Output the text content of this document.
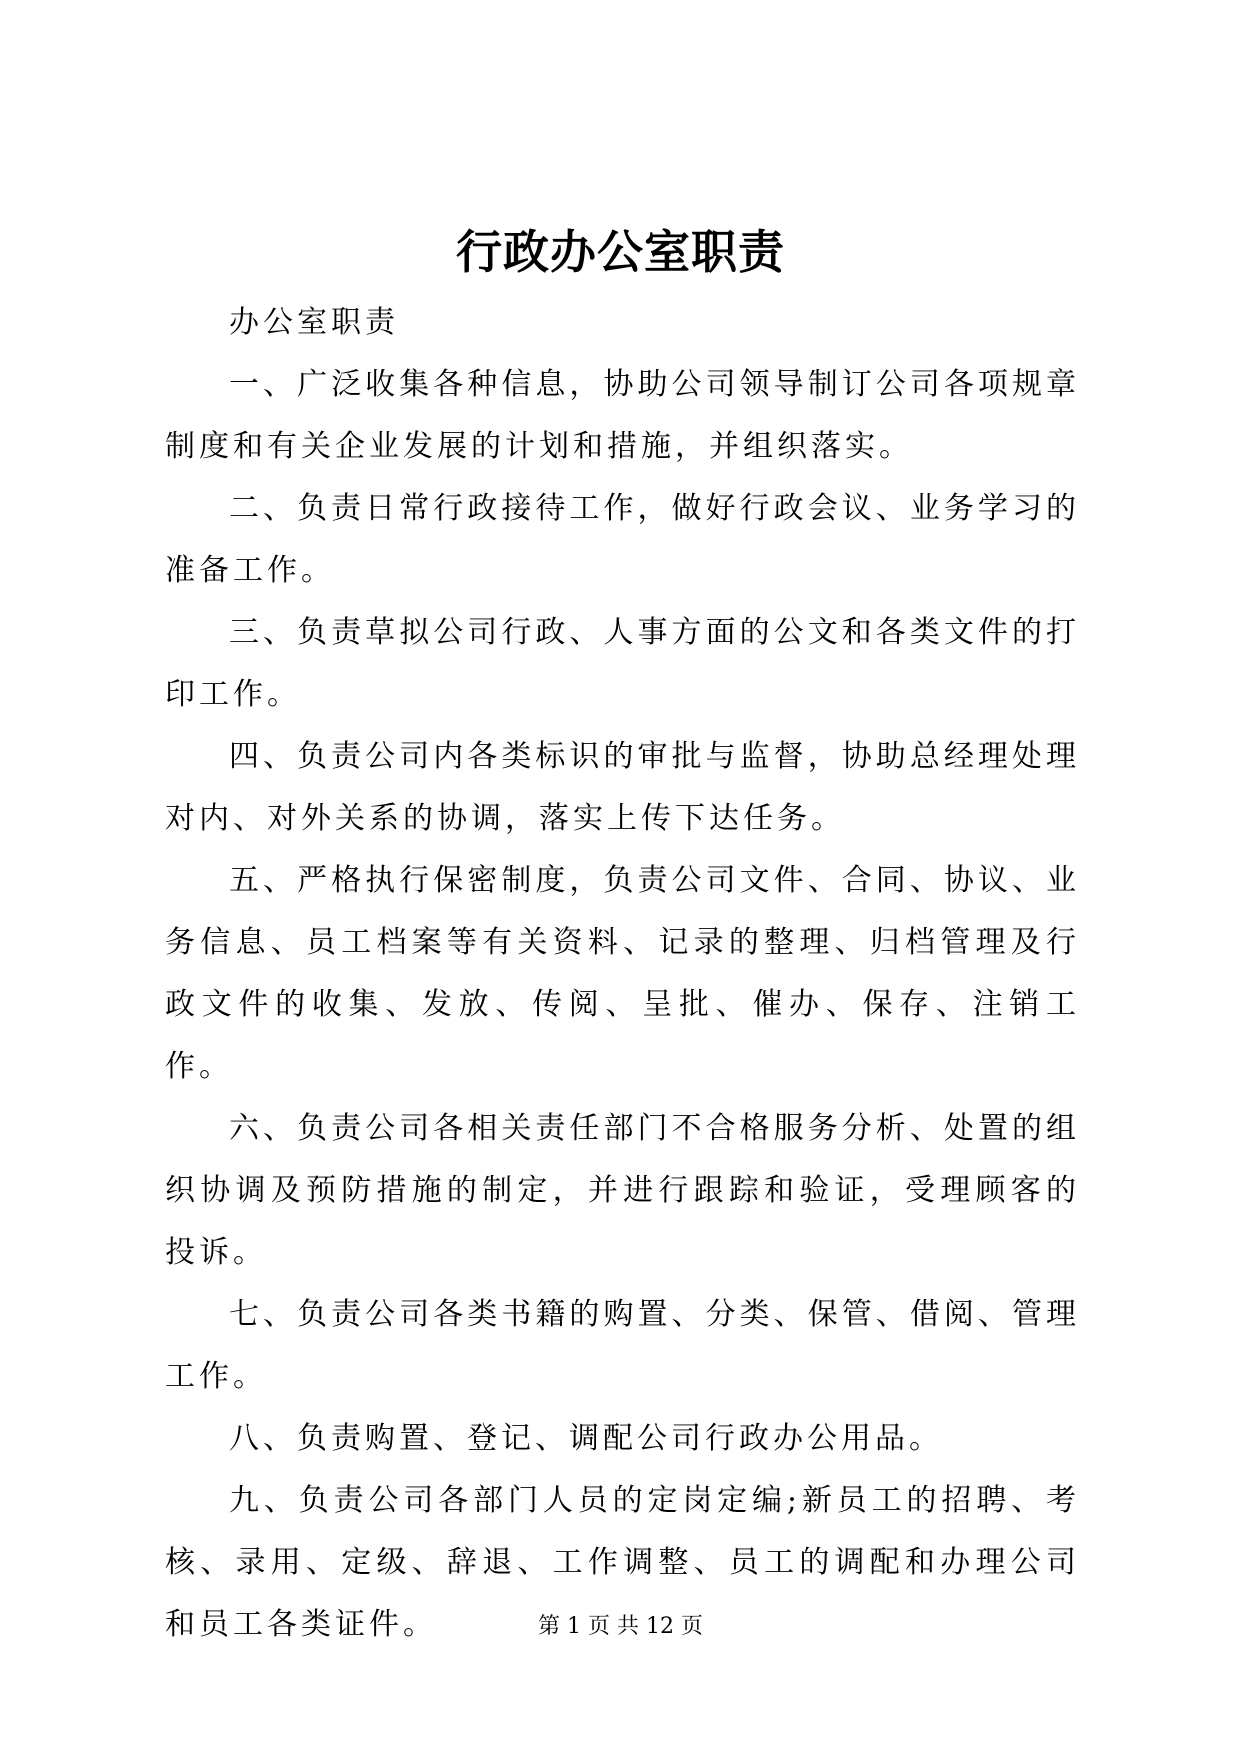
行政办公室职责

办公室职责

一、广泛收集各种信息，协助公司领导制订公司各项规章制度和有关企业发展的计划和措施，并组织落实。

二、负责日常行政接待工作，做好行政会议、业务学习的准备工作。

三、负责草拟公司行政、人事方面的公文和各类文件的打印工作。

四、负责公司内各类标识的审批与监督，协助总经理处理对内、对外关系的协调，落实上传下达任务。

五、严格执行保密制度，负责公司文件、合同、协议、业务信息、员工档案等有关资料、记录的整理、归档管理及行政文件的收集、发放、传阅、呈批、催办、保存、注销工作。

六、负责公司各相关责任部门不合格服务分析、处置的组织协调及预防措施的制定，并进行跟踪和验证，受理顾客的投诉。

七、负责公司各类书籍的购置、分类、保管、借阅、管理工作。

八、负责购置、登记、调配公司行政办公用品。

九、负责公司各部门人员的定岗定编;新员工的招聘、考核、录用、定级、辞退、工作调整、员工的调配和办理公司和员工各类证件。	第 1 页 共 12 页
